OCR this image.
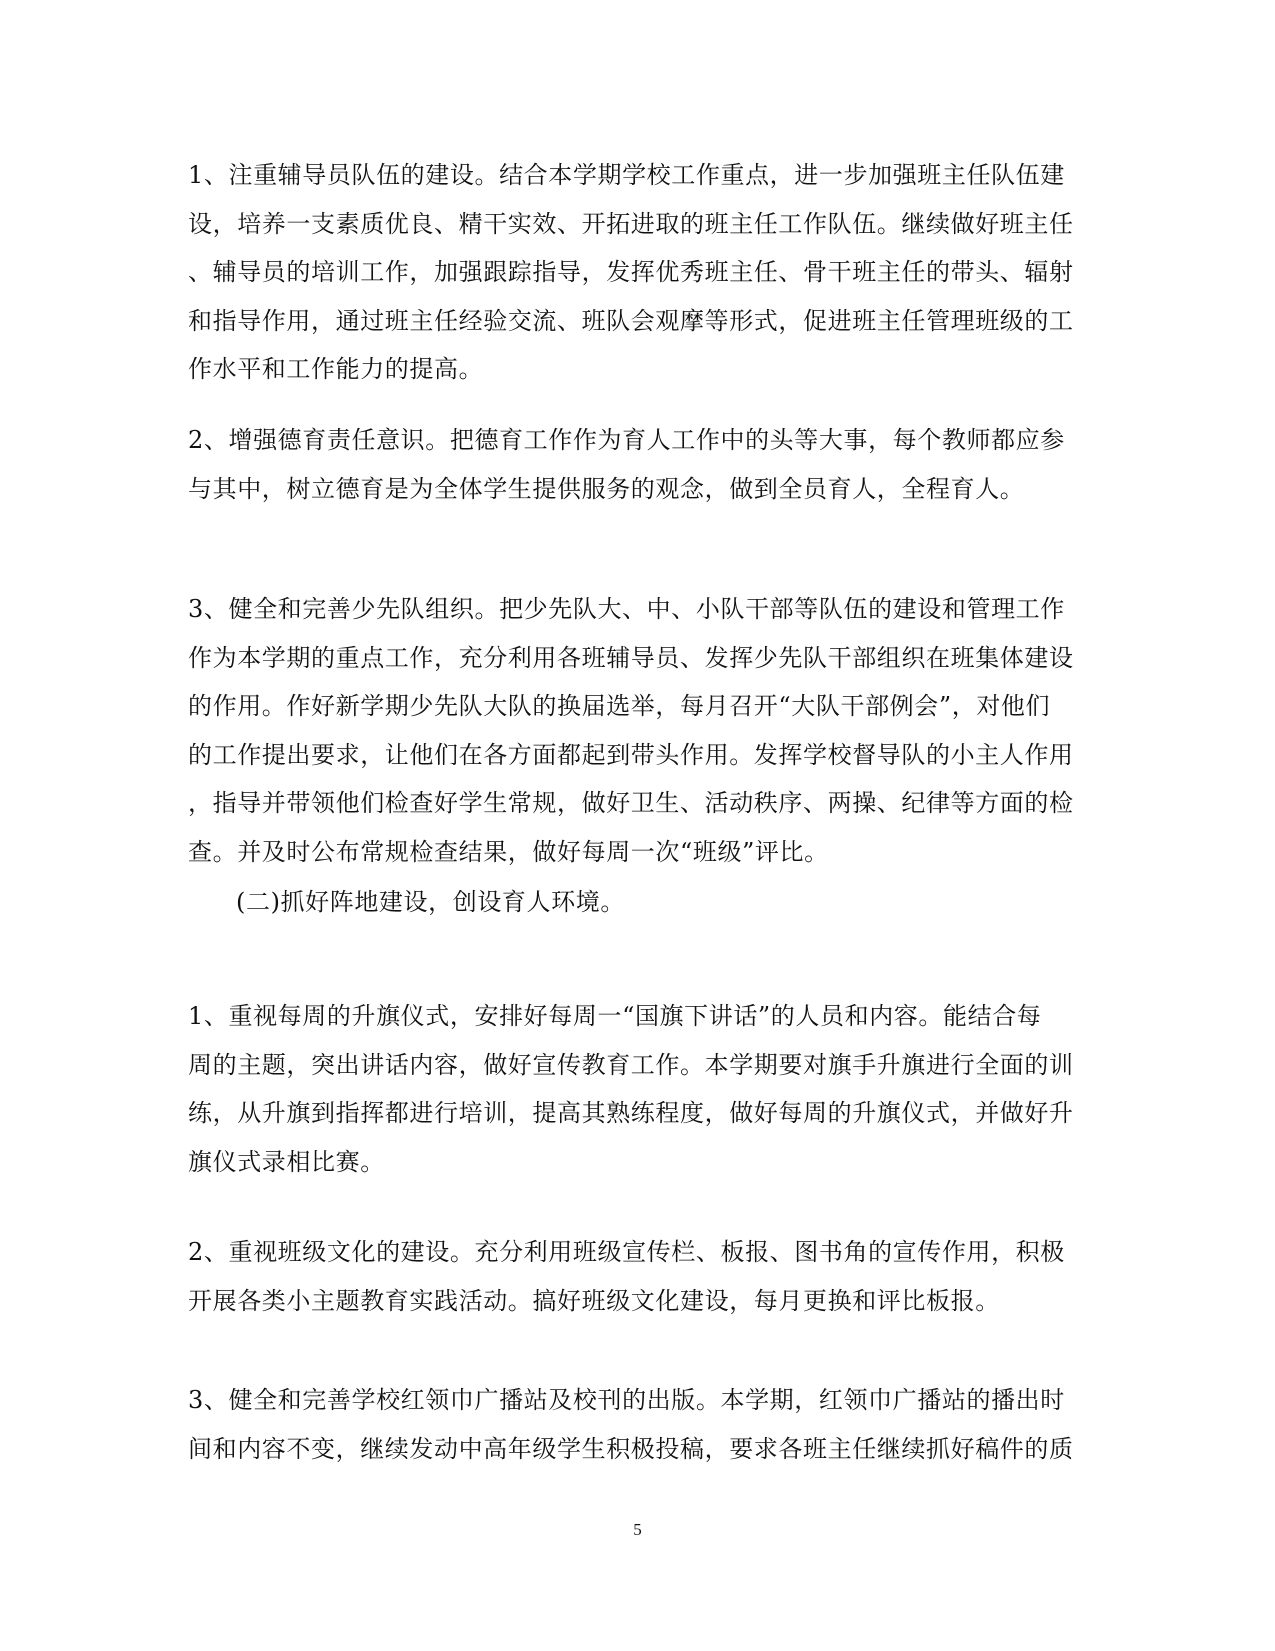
1、注重辅导员队伍的建设。结合本学期学校工作重点，进一步加强班主任队伍建
设，培养一支素质优良、精干实效、开拓进取的班主任工作队伍。继续做好班主任
、辅导员的培训工作，加强跟踪指导，发挥优秀班主任、骨干班主任的带头、辐射
和指导作用，通过班主任经验交流、班队会观摩等形式，促进班主任管理班级的工
作水平和工作能力的提高。

2、增强德育责任意识。把德育工作作为育人工作中的头等大事，每个教师都应参
与其中，树立德育是为全体学生提供服务的观念，做到全员育人，全程育人。

3、健全和完善少先队组织。把少先队大、中、小队干部等队伍的建设和管理工作
作为本学期的重点工作，充分利用各班辅导员、发挥少先队干部组织在班集体建设
的作用。作好新学期少先队大队的换届选举，每月召开“大队干部例会”，对他们
的工作提出要求，让他们在各方面都起到带头作用。发挥学校督导队的小主人作用
，指导并带领他们检查好学生常规，做好卫生、活动秩序、两操、纪律等方面的检
查。并及时公布常规检查结果，做好每周一次“班级”评比。

(二)抓好阵地建设，创设育人环境。

1、重视每周的升旗仪式，安排好每周一“国旗下讲话”的人员和内容。能结合每
周的主题，突出讲话内容，做好宣传教育工作。本学期要对旗手升旗进行全面的训
练，从升旗到指挥都进行培训，提高其熟练程度，做好每周的升旗仪式，并做好升
旗仪式录相比赛。

2、重视班级文化的建设。充分利用班级宣传栏、板报、图书角的宣传作用，积极
开展各类小主题教育实践活动。搞好班级文化建设，每月更换和评比板报。

3、健全和完善学校红领巾广播站及校刊的出版。本学期，红领巾广播站的播出时
间和内容不变，继续发动中高年级学生积极投稿，要求各班主任继续抓好稿件的质

5
